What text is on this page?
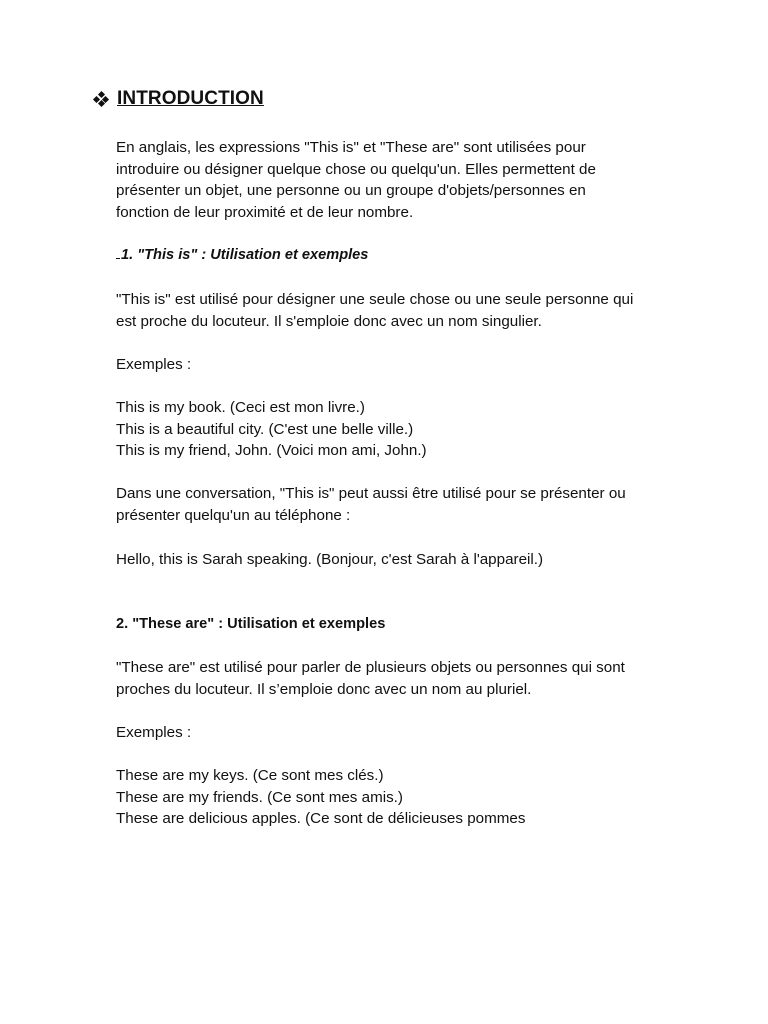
INTRODUCTION
En anglais, les expressions "This is" et "These are" sont utilisées pour
introduire ou désigner quelque chose ou quelqu'un. Elles permettent de
présenter un objet, une personne ou un groupe d'objets/personnes en
fonction de leur proximité et de leur nombre.
1. "This is" : Utilisation et exemples
"This is" est utilisé pour désigner une seule chose ou une seule personne qui
est proche du locuteur. Il s'emploie donc avec un nom singulier.
Exemples :
This is my book. (Ceci est mon livre.)
This is a beautiful city. (C'est une belle ville.)
This is my friend, John. (Voici mon ami, John.)
Dans une conversation, "This is" peut aussi être utilisé pour se présenter ou
présenter quelqu'un au téléphone :
Hello, this is Sarah speaking. (Bonjour, c'est Sarah à l'appareil.)
2. "These are" : Utilisation et exemples
"These are" est utilisé pour parler de plusieurs objets ou personnes qui sont
proches du locuteur. Il s’emploie donc avec un nom au pluriel.
Exemples :
These are my keys. (Ce sont mes clés.)
These are my friends. (Ce sont mes amis.)
These are delicious apples. (Ce sont de délicieuses pommes
